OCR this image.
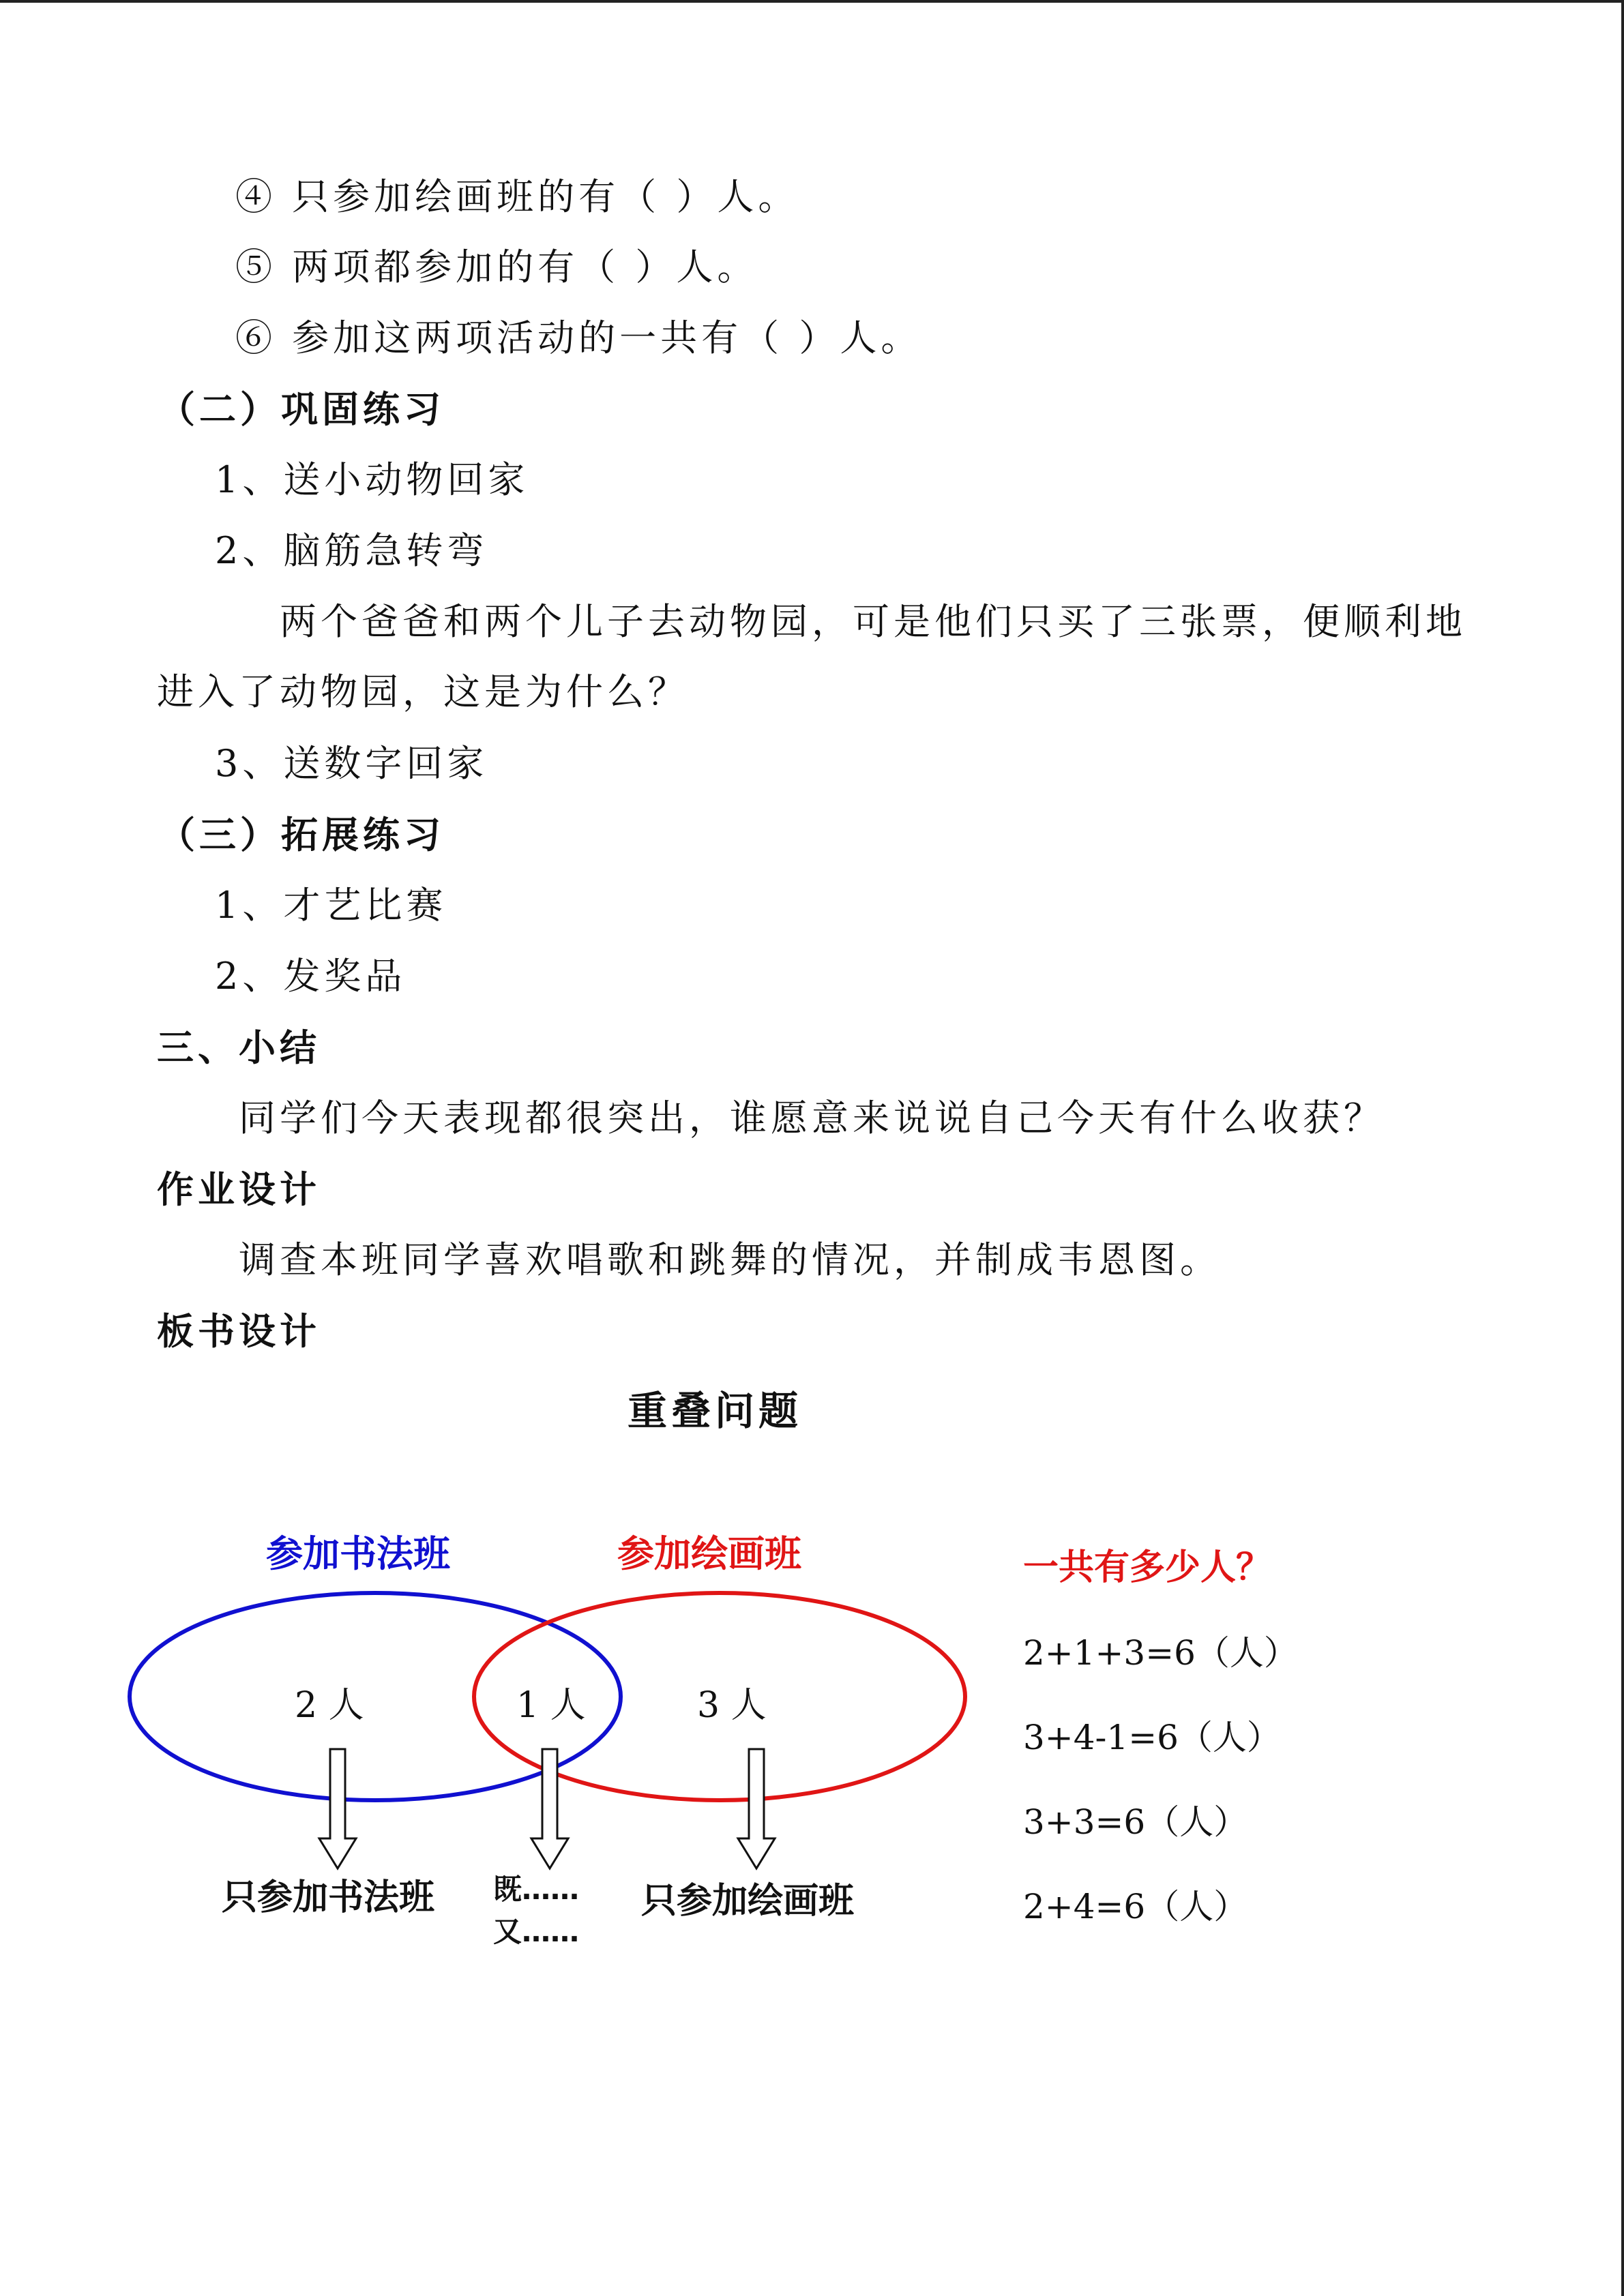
④ 只参加绘画班的有（ ）人。
⑤ 两项都参加的有（ ）人。
⑥ 参加这两项活动的一共有（ ）人。
（二）巩固练习
1、送小动物回家
2、脑筋急转弯
两个爸爸和两个儿子去动物园，可是他们只买了三张票，便顺利地
进入了动物园，这是为什么？
3、送数字回家
（三）拓展练习
1、才艺比赛
2、发奖品
三、小结
同学们今天表现都很突出，谁愿意来说说自己今天有什么收获？
作业设计
调查本班同学喜欢唱歌和跳舞的情况，并制成韦恩图。
板书设计
重叠问题
参加书法班	参加绘画班
2 人	1 人	3 人
只参加书法班 既……
又……
只参加绘画班
一共有多少人？
2+1+3=6（人）
3+4-1=6（人）
3+3=6（人）
2+4=6（人）
